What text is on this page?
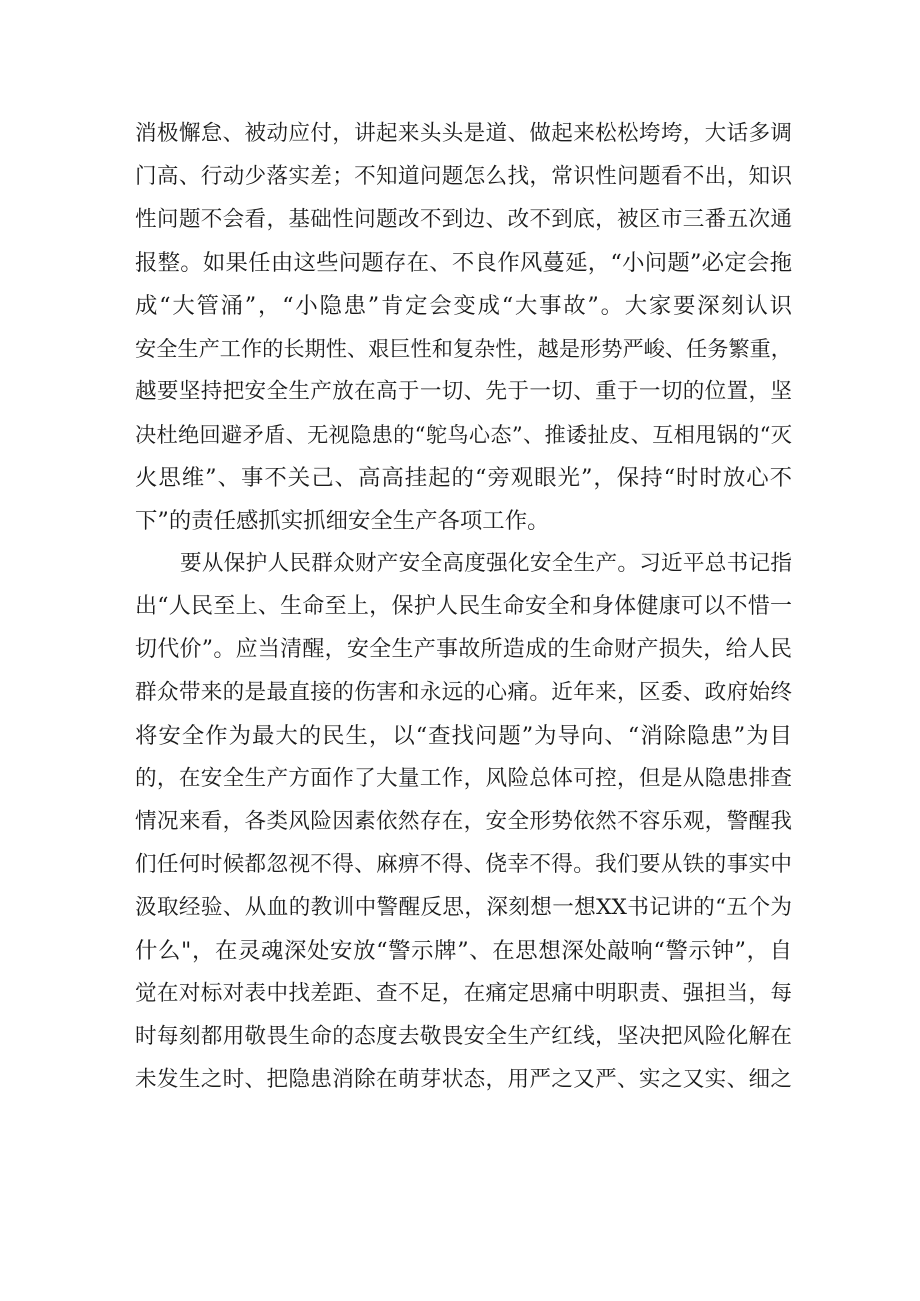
消极懈怠、被动应付，讲起来头头是道、做起来松松垮垮，大话多调
门高、行动少落实差；不知道问题怎么找，常识性问题看不出，知识
性问题不会看，基础性问题改不到边、改不到底，被区市三番五次通
报整。如果任由这些问题存在、不良作风蔓延，“小问题”必定会拖
成“大管涌”，“小隐患”肯定会变成“大事故”。大家要深刻认识
安全生产工作的长期性、艰巨性和复杂性，越是形势严峻、任务繁重，
越要坚持把安全生产放在高于一切、先于一切、重于一切的位置，坚
决杜绝回避矛盾、无视隐患的“鸵鸟心态”、推诿扯皮、互相甩锅的“灭
火思维”、事不关己、高高挂起的“旁观眼光”，保持“时时放心不
下”的责任感抓实抓细安全生产各项工作。
要从保护人民群众财产安全高度强化安全生产。习近平总书记指
出“人民至上、生命至上，保护人民生命安全和身体健康可以不惜一
切代价”。应当清醒，安全生产事故所造成的生命财产损失，给人民
群众带来的是最直接的伤害和永远的心痛。近年来，区委、政府始终
将安全作为最大的民生，以“查找问题”为导向、“消除隐患”为目
的，在安全生产方面作了大量工作，风险总体可控，但是从隐患排查
情况来看，各类风险因素依然存在，安全形势依然不容乐观，警醒我
们任何时候都忽视不得、麻痹不得、侥幸不得。我们要从铁的事实中
汲取经验、从血的教训中警醒反思，深刻想一想XX书记讲的“五个为
什么"，在灵魂深处安放“警示牌”、在思想深处敲响“警示钟”，自
觉在对标对表中找差距、查不足，在痛定思痛中明职责、强担当，每
时每刻都用敬畏生命的态度去敬畏安全生产红线，坚决把风险化解在
未发生之时、把隐患消除在萌芽状态，用严之又严、实之又实、细之
